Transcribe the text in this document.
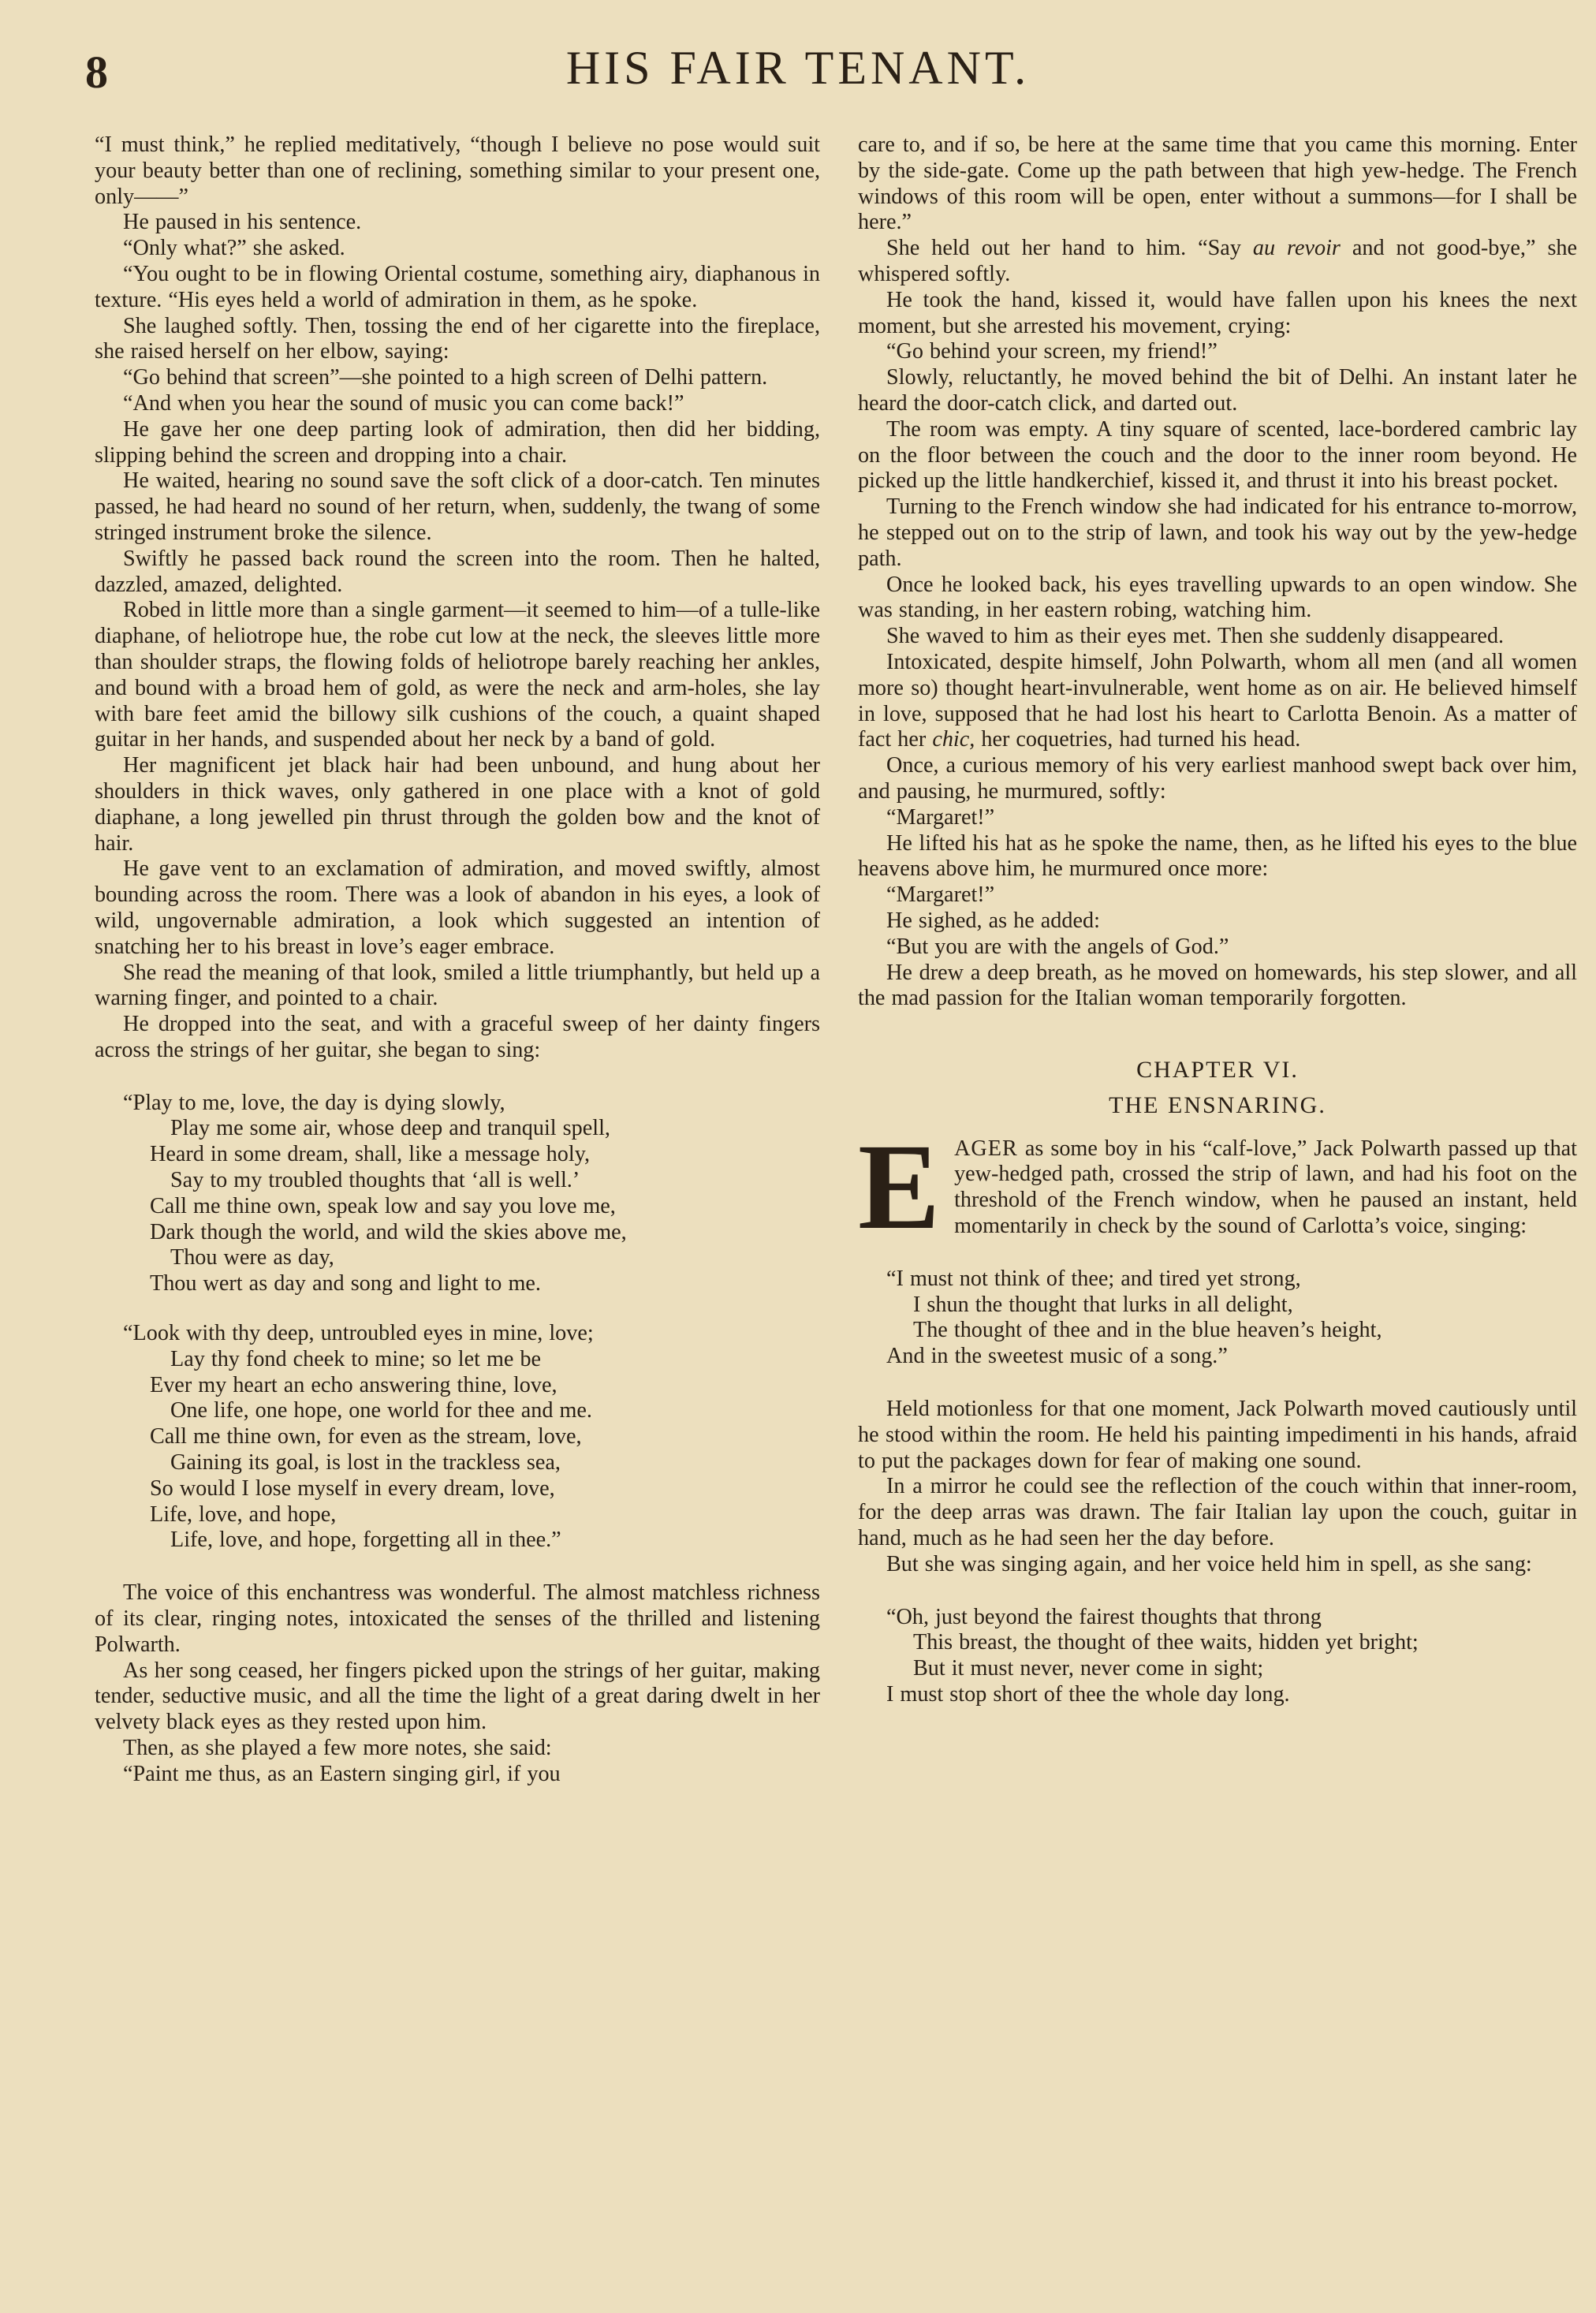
8	HIS FAIR TENANT.

“I must think,” he replied meditatively, “though I believe no pose would suit your beauty better than one of reclining, something similar to your present one, only——”

He paused in his sentence.

“Only what?” she asked.

“You ought to be in flowing Oriental costume, something airy, diaphanous in texture. “His eyes held a world of admiration in them, as he spoke.

She laughed softly. Then, tossing the end of her cigarette into the fireplace, she raised herself on her elbow, saying:

“Go behind that screen”—she pointed to a high screen of Delhi pattern.

“And when you hear the sound of music you can come back!”

He gave her one deep parting look of admiration, then did her bidding, slipping behind the screen and dropping into a chair.

He waited, hearing no sound save the soft click of a door-catch. Ten minutes passed, he had heard no sound of her return, when, suddenly, the twang of some stringed instrument broke the silence.

Swiftly he passed back round the screen into the room. Then he halted, dazzled, amazed, delighted.

Robed in little more than a single garment—it seemed to him—of a tulle-like diaphane, of heliotrope hue, the robe cut low at the neck, the sleeves little more than shoulder straps, the flowing folds of heliotrope barely reaching her ankles, and bound with a broad hem of gold, as were the neck and arm-holes, she lay with bare feet amid the billowy silk cushions of the couch, a quaint shaped guitar in her hands, and suspended about her neck by a band of gold.

Her magnificent jet black hair had been unbound, and hung about her shoulders in thick waves, only gathered in one place with a knot of gold diaphane, a long jewelled pin thrust through the golden bow and the knot of hair.

He gave vent to an exclamation of admiration, and moved swiftly, almost bounding across the room. There was a look of abandon in his eyes, a look of wild, ungovernable admiration, a look which suggested an intention of snatching her to his breast in love’s eager embrace.

She read the meaning of that look, smiled a little triumphantly, but held up a warning finger, and pointed to a chair.

He dropped into the seat, and with a graceful sweep of her dainty fingers across the strings of her guitar, she began to sing:

“Play to me, love, the day is dying slowly,
Play me some air, whose deep and tranquil spell,
Heard in some dream, shall, like a message holy,
Say to my troubled thoughts that ‘all is well.’
Call me thine own, speak low and say you love me,
Dark though the world, and wild the skies above me,
Thou were as day,
Thou wert as day and song and light to me.
“Look with thy deep, untroubled eyes in mine, love;
Lay thy fond cheek to mine; so let me be
Ever my heart an echo answering thine, love,
One life, one hope, one world for thee and me.
Call me thine own, for even as the stream, love,
Gaining its goal, is lost in the trackless sea,
So would I lose myself in every dream, love,
Life, love, and hope,
Life, love, and hope, forgetting all in thee.”

The voice of this enchantress was wonderful. The almost matchless richness of its clear, ringing notes, intoxicated the senses of the thrilled and listening Polwarth.

As her song ceased, her fingers picked upon the strings of her guitar, making tender, seductive music, and all the time the light of a great daring dwelt in her velvety black eyes as they rested upon him.

Then, as she played a few more notes, she said:

“Paint me thus, as an Eastern singing girl, if you

care to, and if so, be here at the same time that you came this morning. Enter by the side-gate. Come up the path between that high yew-hedge. The French windows of this room will be open, enter without a summons—for I shall be here.”

She held out her hand to him. “Say au revoir and not good-bye,” she whispered softly.

He took the hand, kissed it, would have fallen upon his knees the next moment, but she arrested his movement, crying:

“Go behind your screen, my friend!”

Slowly, reluctantly, he moved behind the bit of Delhi. An instant later he heard the door-catch click, and darted out.

The room was empty. A tiny square of scented, lace-bordered cambric lay on the floor between the couch and the door to the inner room beyond. He picked up the little handkerchief, kissed it, and thrust it into his breast pocket.

Turning to the French window she had indicated for his entrance to-morrow, he stepped out on to the strip of lawn, and took his way out by the yew-hedge path.

Once he looked back, his eyes travelling upwards to an open window. She was standing, in her eastern robing, watching him.

She waved to him as their eyes met. Then she suddenly disappeared.

Intoxicated, despite himself, John Polwarth, whom all men (and all women more so) thought heart-invulnerable, went home as on air. He believed himself in love, supposed that he had lost his heart to Carlotta Benoin. As a matter of fact her chic, her coquetries, had turned his head.

Once, a curious memory of his very earliest manhood swept back over him, and pausing, he murmured, softly:

“Margaret!”

He lifted his hat as he spoke the name, then, as he lifted his eyes to the blue heavens above him, he murmured once more:

“Margaret!”

He sighed, as he added:

“But you are with the angels of God.”

He drew a deep breath, as he moved on homewards, his step slower, and all the mad passion for the Italian woman temporarily forgotten.

CHAPTER VI.
THE ENSNARING.

EAGER as some boy in his “calf-love,” Jack Polwarth passed up that yew-hedged path, crossed the strip of lawn, and had his foot on the threshold of the French window, when he paused an instant, held momentarily in check by the sound of Carlotta’s voice, singing:

“I must not think of thee; and tired yet strong,
I shun the thought that lurks in all delight,
The thought of thee and in the blue heaven’s height,
And in the sweetest music of a song.”

Held motionless for that one moment, Jack Polwarth moved cautiously until he stood within the room. He held his painting impedimenti in his hands, afraid to put the packages down for fear of making one sound.

In a mirror he could see the reflection of the couch within that inner-room, for the deep arras was drawn. The fair Italian lay upon the couch, guitar in hand, much as he had seen her the day before.

But she was singing again, and her voice held him in spell, as she sang:

“Oh, just beyond the fairest thoughts that throng
This breast, the thought of thee waits, hidden yet bright;
But it must never, never come in sight;
I must stop short of thee the whole day long.
